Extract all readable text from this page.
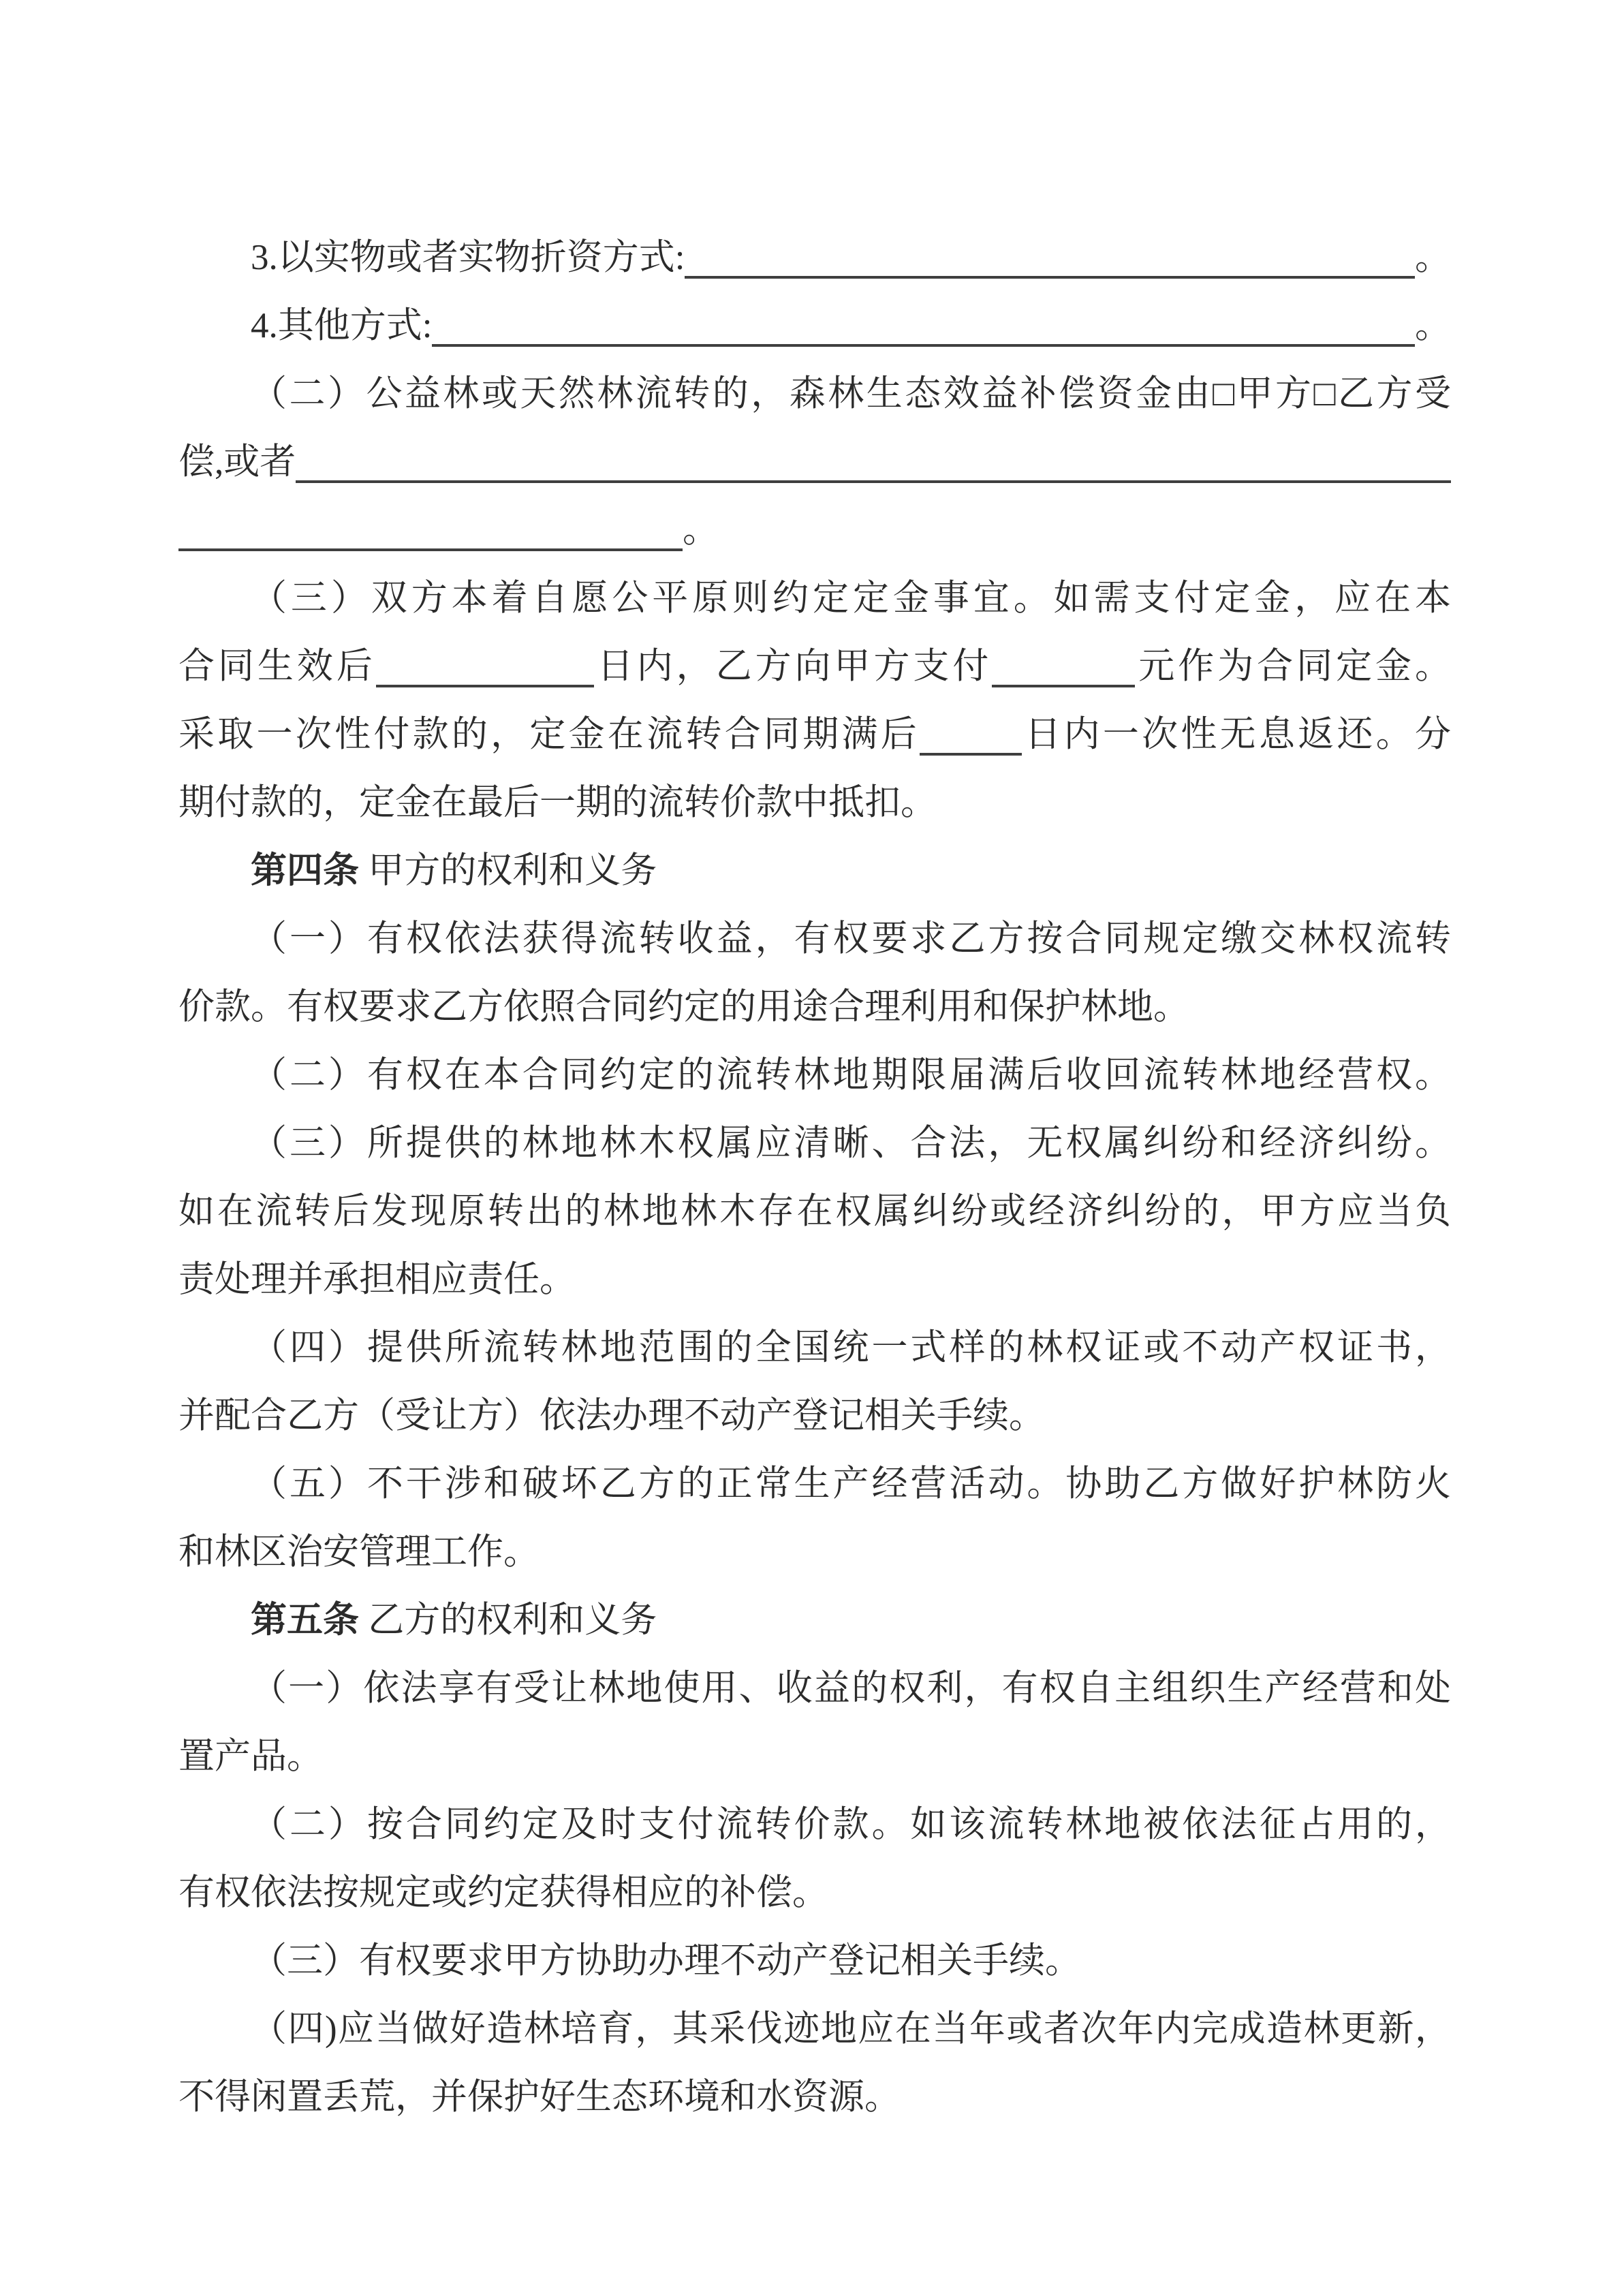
3.以实物或者实物折资方式:	。
4.其他方式:	。
（二）公益林或天然林流转的，森林生态效益补偿资金由□甲方□乙方受
偿,或者
。
（三）双方本着自愿公平原则约定定金事宜。如需支付定金，应在本
合同生效后	日内，乙方向甲方支付	元作为合同定金。
采取一次性付款的，定金在流转合同期满后	日内一次性无息返还。分
期付款的，定金在最后一期的流转价款中抵扣。
第四条 甲方的权利和义务
（一）有权依法获得流转收益，有权要求乙方按合同规定缴交林权流转
价款。有权要求乙方依照合同约定的用途合理利用和保护林地。
（二）有权在本合同约定的流转林地期限届满后收回流转林地经营权。
（三）所提供的林地林木权属应清晰、合法，无权属纠纷和经济纠纷。
如在流转后发现原转出的林地林木存在权属纠纷或经济纠纷的，甲方应当负
责处理并承担相应责任。
（四）提供所流转林地范围的全国统一式样的林权证或不动产权证书，
并配合乙方（受让方）依法办理不动产登记相关手续。
（五）不干涉和破坏乙方的正常生产经营活动。协助乙方做好护林防火
和林区治安管理工作。
第五条 乙方的权利和义务
（一）依法享有受让林地使用、收益的权利，有权自主组织生产经营和处
置产品。
（二）按合同约定及时支付流转价款。如该流转林地被依法征占用的，
有权依法按规定或约定获得相应的补偿。
（三）有权要求甲方协助办理不动产登记相关手续。
（四)应当做好造林培育，其采伐迹地应在当年或者次年内完成造林更新，
不得闲置丢荒，并保护好生态环境和水资源。
